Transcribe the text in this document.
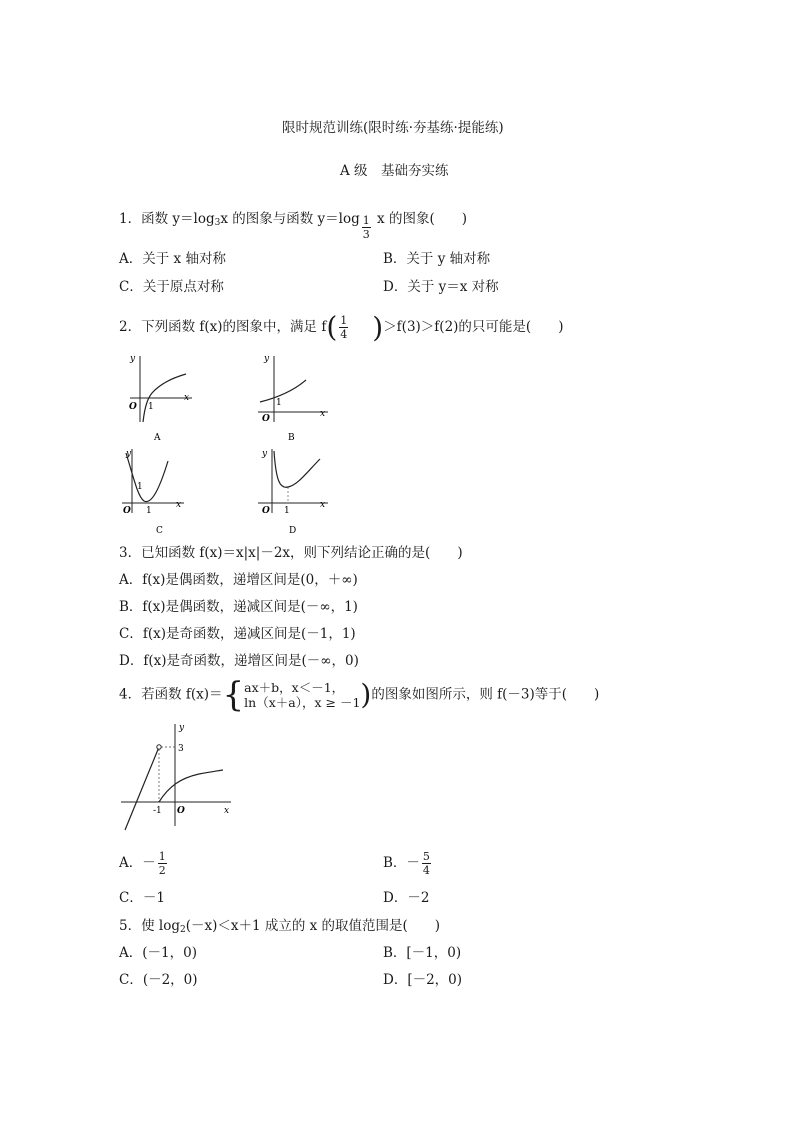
限时规范训练(限时练·夯基练·提能练)
A 级　基础夯实练
1．函数 $y=\log_3x$ 的图象与函数 $y=\log \frac{1}{3}$ x 的图象(　　)
A．关于 x 轴对称	B．关于 y 轴对称
C．关于原点对称	D．关于 y＝x 对称
2．下列函数 f(x)的图象中，满足 $f( \frac{1}{4} )>f(3)>f(2)$的只可能是(　　)
y
x
O 1
A
y
x
O
1
B
y
x
O 1
1
C
y
x
O 1
D
3．已知函数 f(x)＝x|x|－2x，则下列结论正确的是(　　)
A．f(x)是偶函数，递增区间是(0，＋∞)
B．f(x)是偶函数，递减区间是(－∞，1)
C．f(x)是奇函数，递减区间是(－1，1)
D．f(x)是奇函数，递增区间是(－∞，0)
4．若函数 f(x)＝{ ax＋b，x＜－1，
ln（x＋a），x ≥ －1 )的图象如图所示，则 f(－3)等于(　　)
y
x
O
3
-1
A．－ $\frac{1}{2}$	B．－ $\frac{5}{4}$
C．－1	D．－2
5．使 $\log_2(-x)<x+1$ 成立的 x 的取值范围是(　　)
A．(－1，0)	B．[－1，0)
C．(－2，0)	D．[－2，0)
